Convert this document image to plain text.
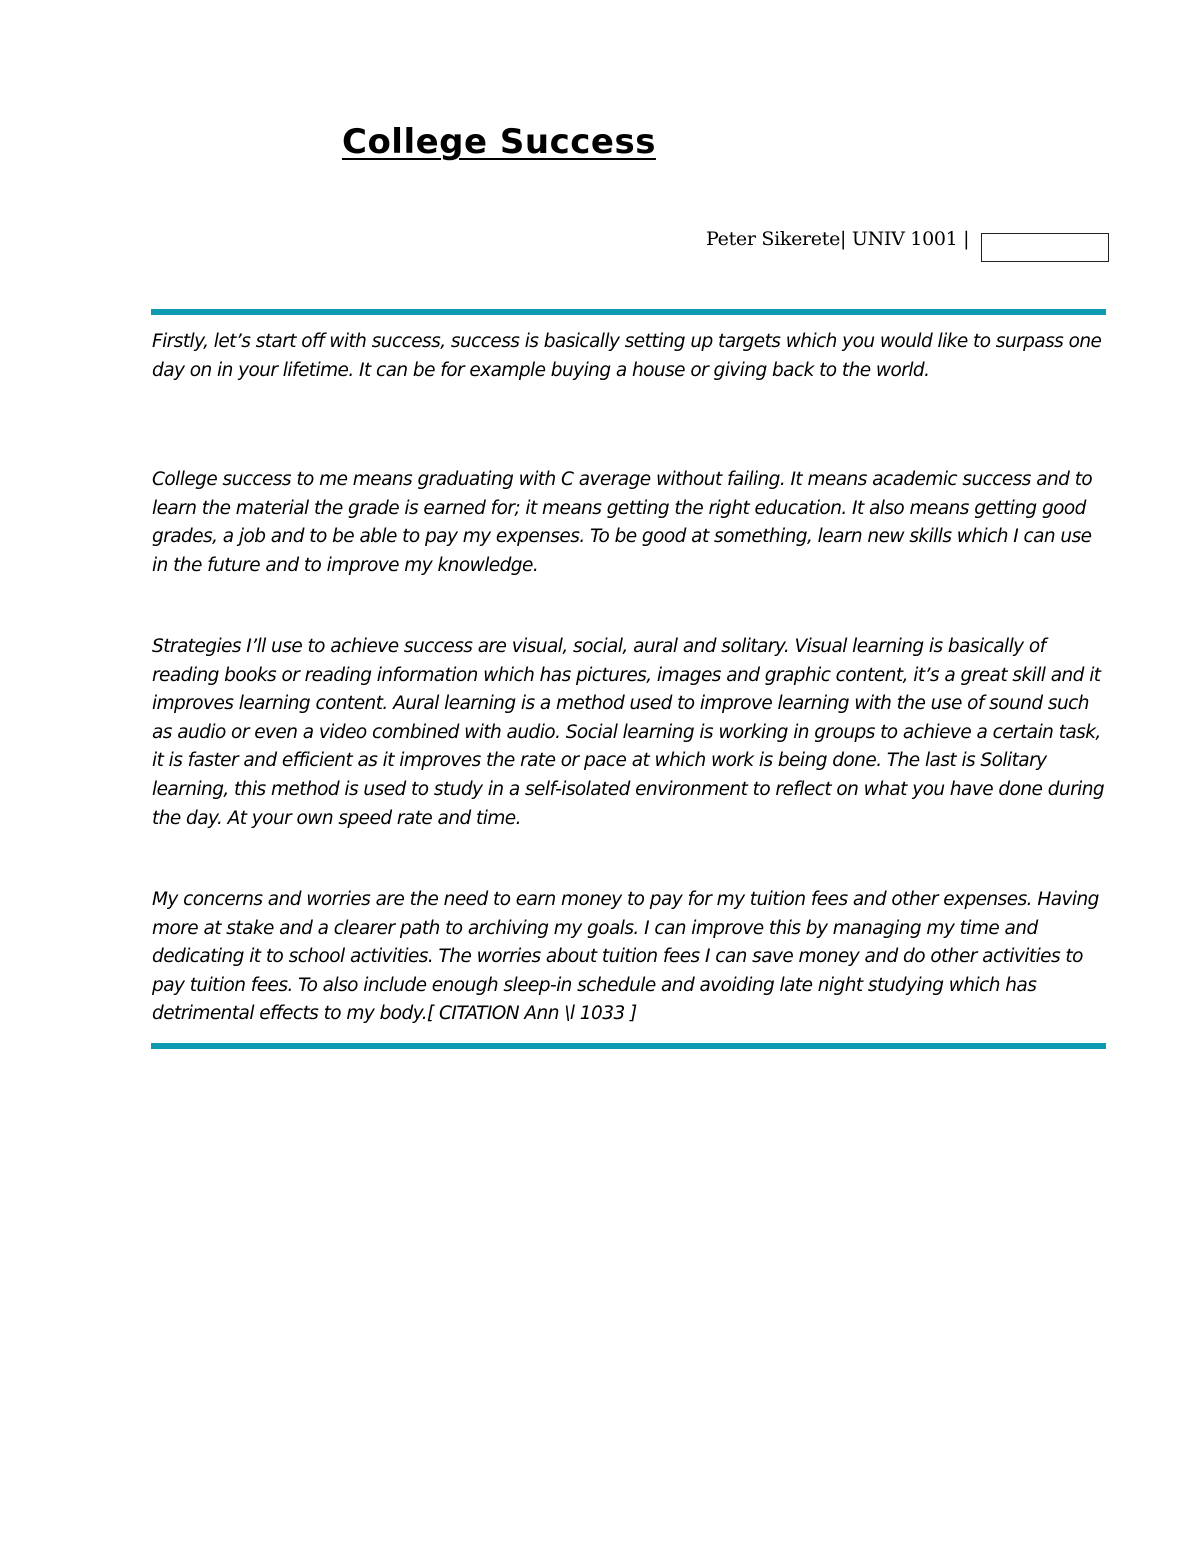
College Success
Peter Sikerete| UNIV 1001 |

Firstly, let’s start off with success, success is basically setting up targets which you would like to surpass one day on in your lifetime. It can be for example buying a house or giving back to the world.

College success to me means graduating with C average without failing. It means academic success and to learn the material the grade is earned for; it means getting the right education. It also means getting good grades, a job and to be able to pay my expenses. To be good at something, learn new skills which I can use in the future and to improve my knowledge.

Strategies I’ll use to achieve success are visual, social, aural and solitary. Visual learning is basically of reading books or reading information which has pictures, images and graphic content, it’s a great skill and it improves learning content. Aural learning is a method used to improve learning with the use of sound such as audio or even a video combined with audio. Social learning is working in groups to achieve a certain task, it is faster and efficient as it improves the rate or pace at which work is being done. The last is Solitary learning, this method is used to study in a self-isolated environment to reflect on what you have done during the day. At your own speed rate and time.

My concerns and worries are the need to earn money to pay for my tuition fees and other expenses. Having more at stake and a clearer path to archiving my goals. I can improve this by managing my time and dedicating it to school activities. The worries about tuition fees I can save money and do other activities to pay tuition fees. To also include enough sleep-in schedule and avoiding late night studying which has detrimental effects to my body.[ CITATION Ann \l 1033 ]
